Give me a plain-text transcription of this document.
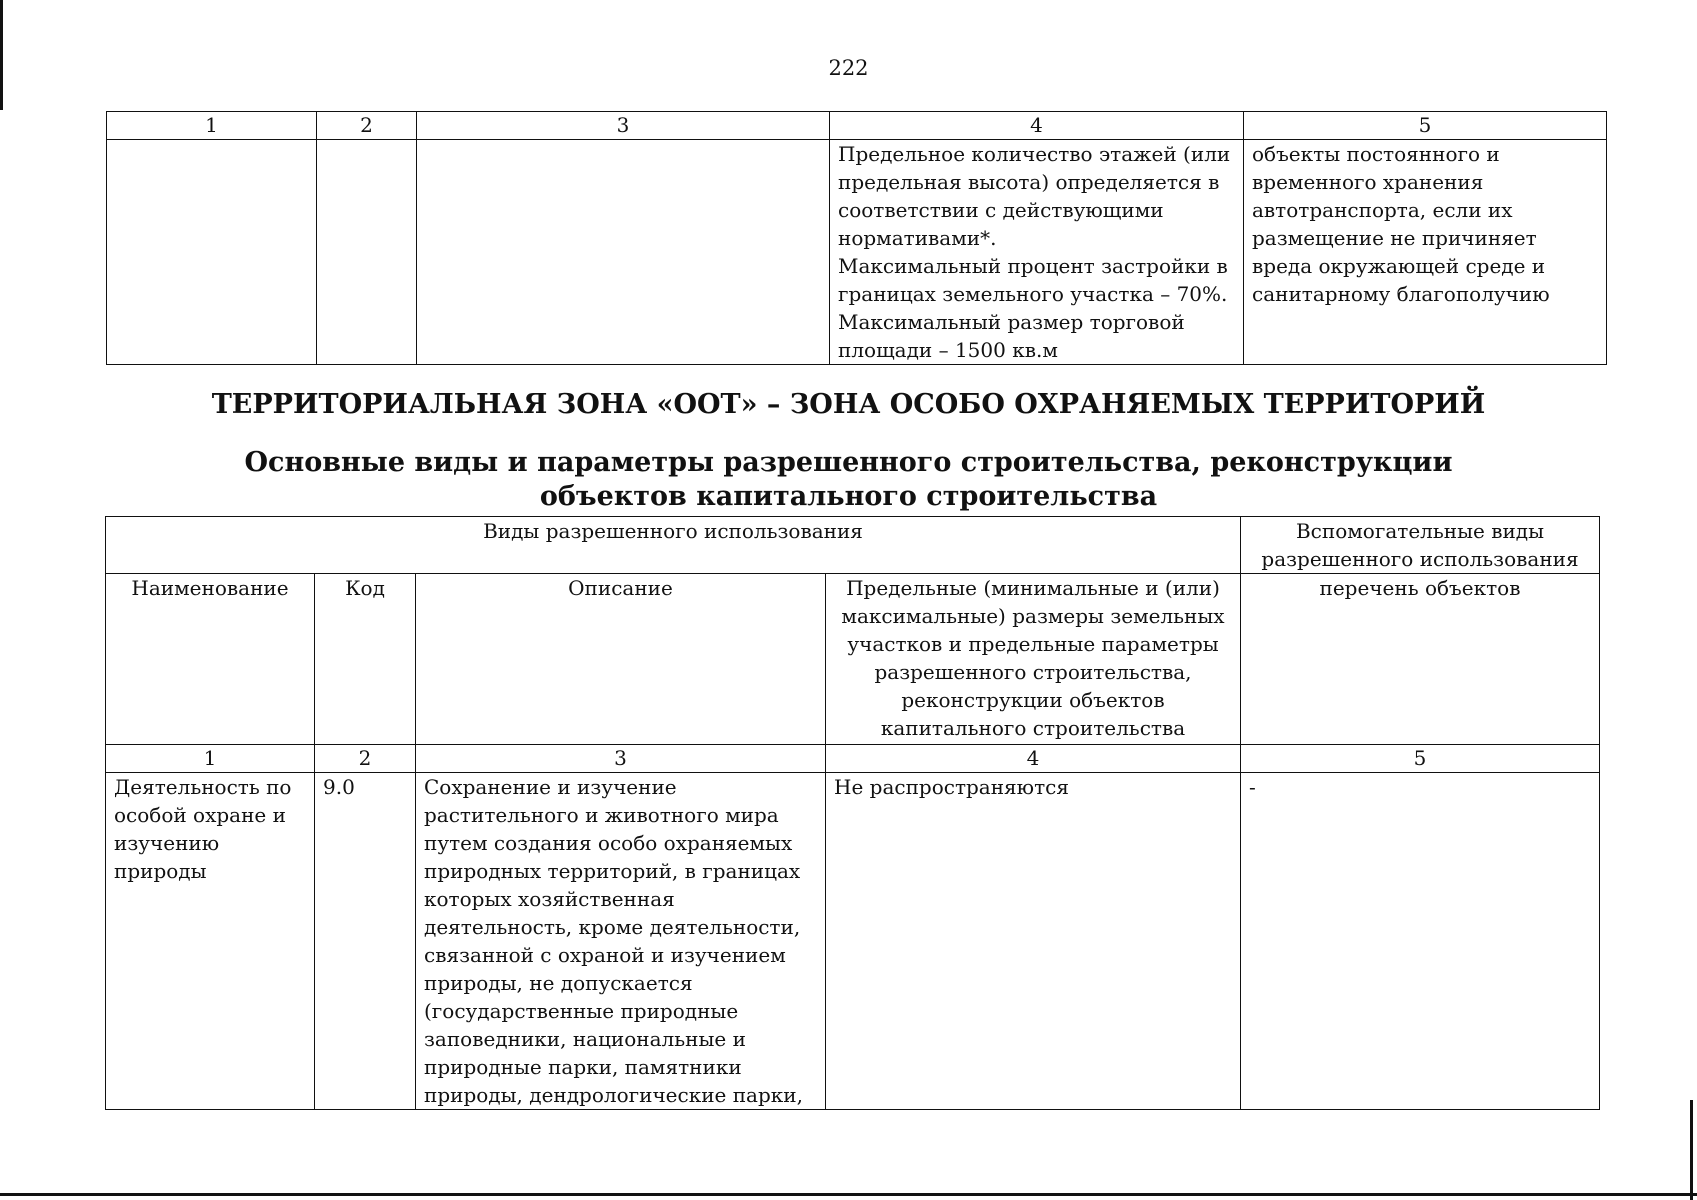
222
1	2	3	4	5
			Предельное количество этажей (или предельная высота) определяется в соответствии с действующими нормативами*.
Максимальный процент застройки в границах земельного участка – 70%.
Максимальный размер торговой площади – 1500 кв.м	объекты постоянного и временного хранения автотранспорта, если их размещение не причиняет вреда окружающей среде и санитарному благополучию
ТЕРРИТОРИАЛЬНАЯ ЗОНА «ООТ» – ЗОНА ОСОБО ОХРАНЯЕМЫХ ТЕРРИТОРИЙ
Основные виды и параметры разрешенного строительства, реконструкции объектов капитального строительства
Виды разрешенного использования				Вспомогательные виды разрешенного использования
Наименование	Код	Описание	Предельные (минимальные и (или) максимальные) размеры земельных участков и предельные параметры разрешенного строительства, реконструкции объектов капитального строительства	перечень объектов
1	2	3	4	5
Деятельность по особой охране и изучению природы	9.0	Сохранение и изучение растительного и животного мира путем создания особо охраняемых природных территорий, в границах которых хозяйственная деятельность, кроме деятельности, связанной с охраной и изучением природы, не допускается (государственные природные заповедники, национальные и природные парки, памятники природы, дендрологические парки,	Не распространяются	-
